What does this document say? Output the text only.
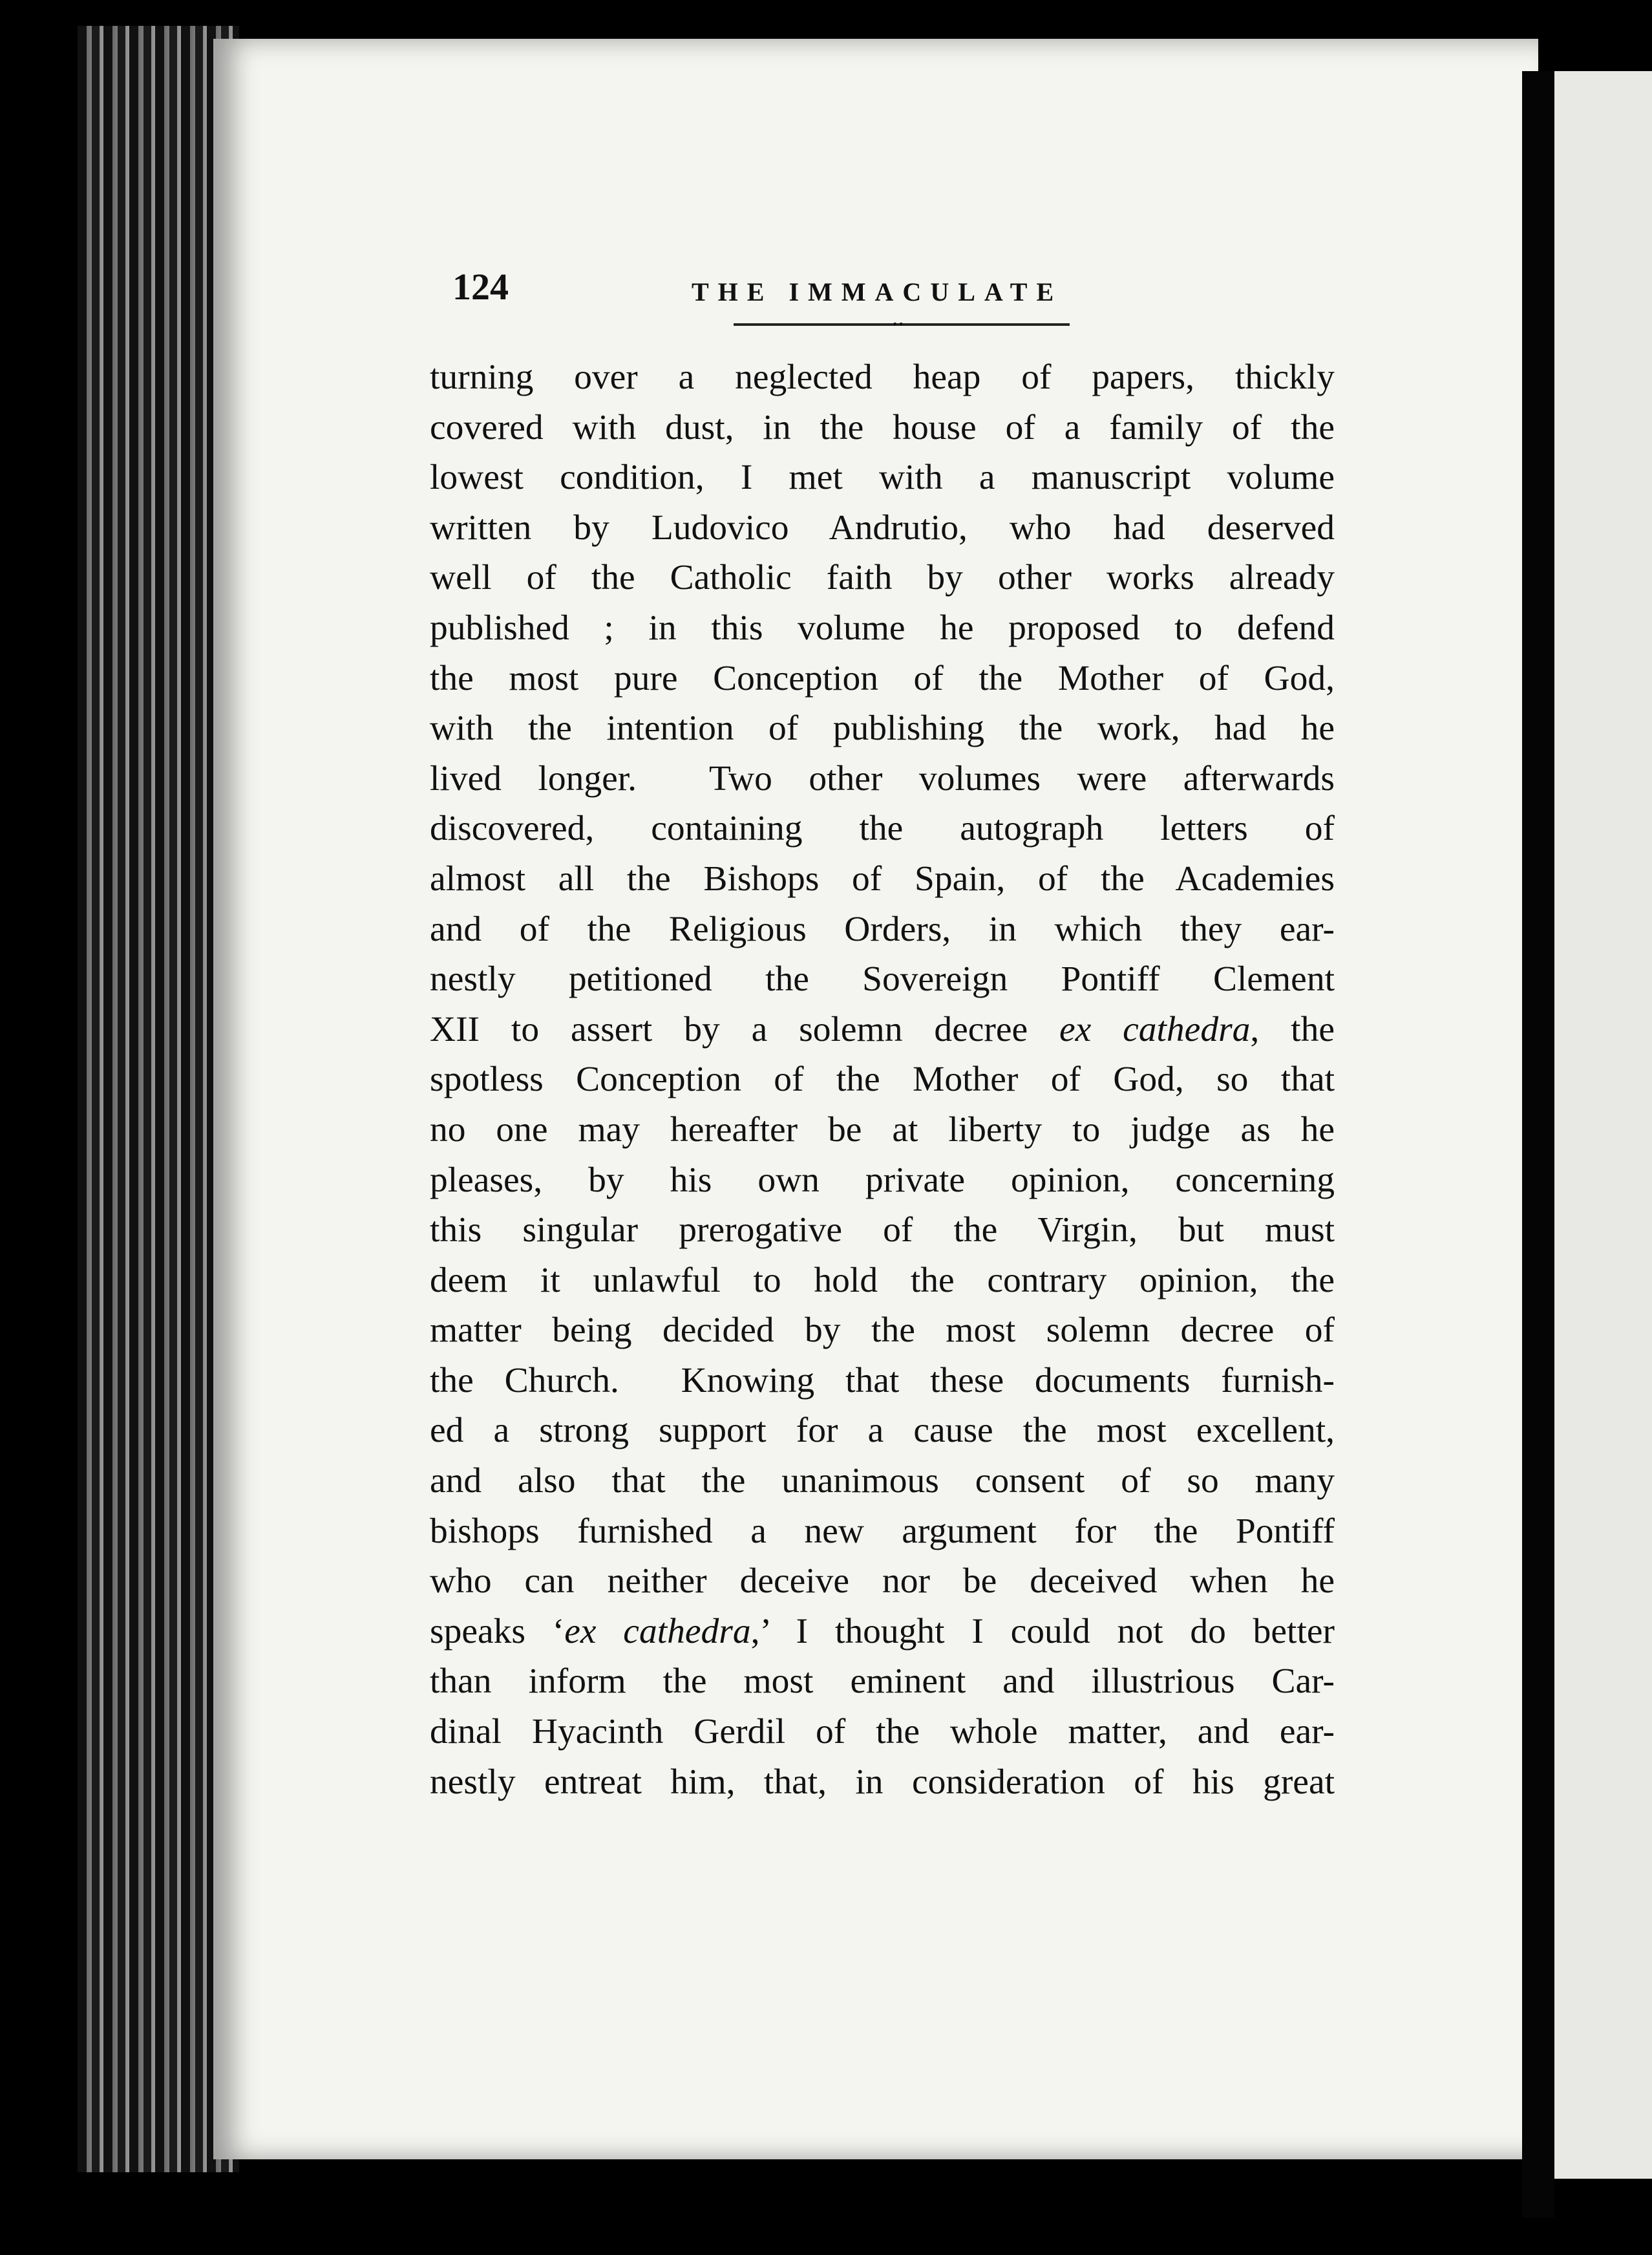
124	THE IMMACULATE
••
turning over a neglected heap of papers, thickly
covered with dust, in the house of a family of the
lowest condition, I met with a manuscript volume
written by Ludovico Andrutio, who had deserved
well of the Catholic faith by other works already
published ; in this volume he proposed to defend
the most pure Conception of the Mother of God,
with the intention of publishing the work, had he
lived longer.  Two other volumes were afterwards
discovered, containing the autograph letters of
almost all the Bishops of Spain, of the Academies
and of the Religious Orders, in which they ear-
nestly petitioned the Sovereign Pontiff Clement
XII to assert by a solemn decree ex cathedra, the
spotless Conception of the Mother of God, so that
no one may hereafter be at liberty to judge as he
pleases, by his own private opinion, concerning
this singular prerogative of the Virgin, but must
deem it unlawful to hold the contrary opinion, the
matter being decided by the most solemn decree of
the Church.  Knowing that these documents furnish-
ed a strong support for a cause the most excellent,
and also that the unanimous consent of so many
bishops furnished a new argument for the Pontiff
who can neither deceive nor be deceived when he
speaks ‘ex cathedra,’ I thought I could not do better
than inform the most eminent and illustrious Car-
dinal Hyacinth Gerdil of the whole matter, and ear-
nestly entreat him, that, in consideration of his great
